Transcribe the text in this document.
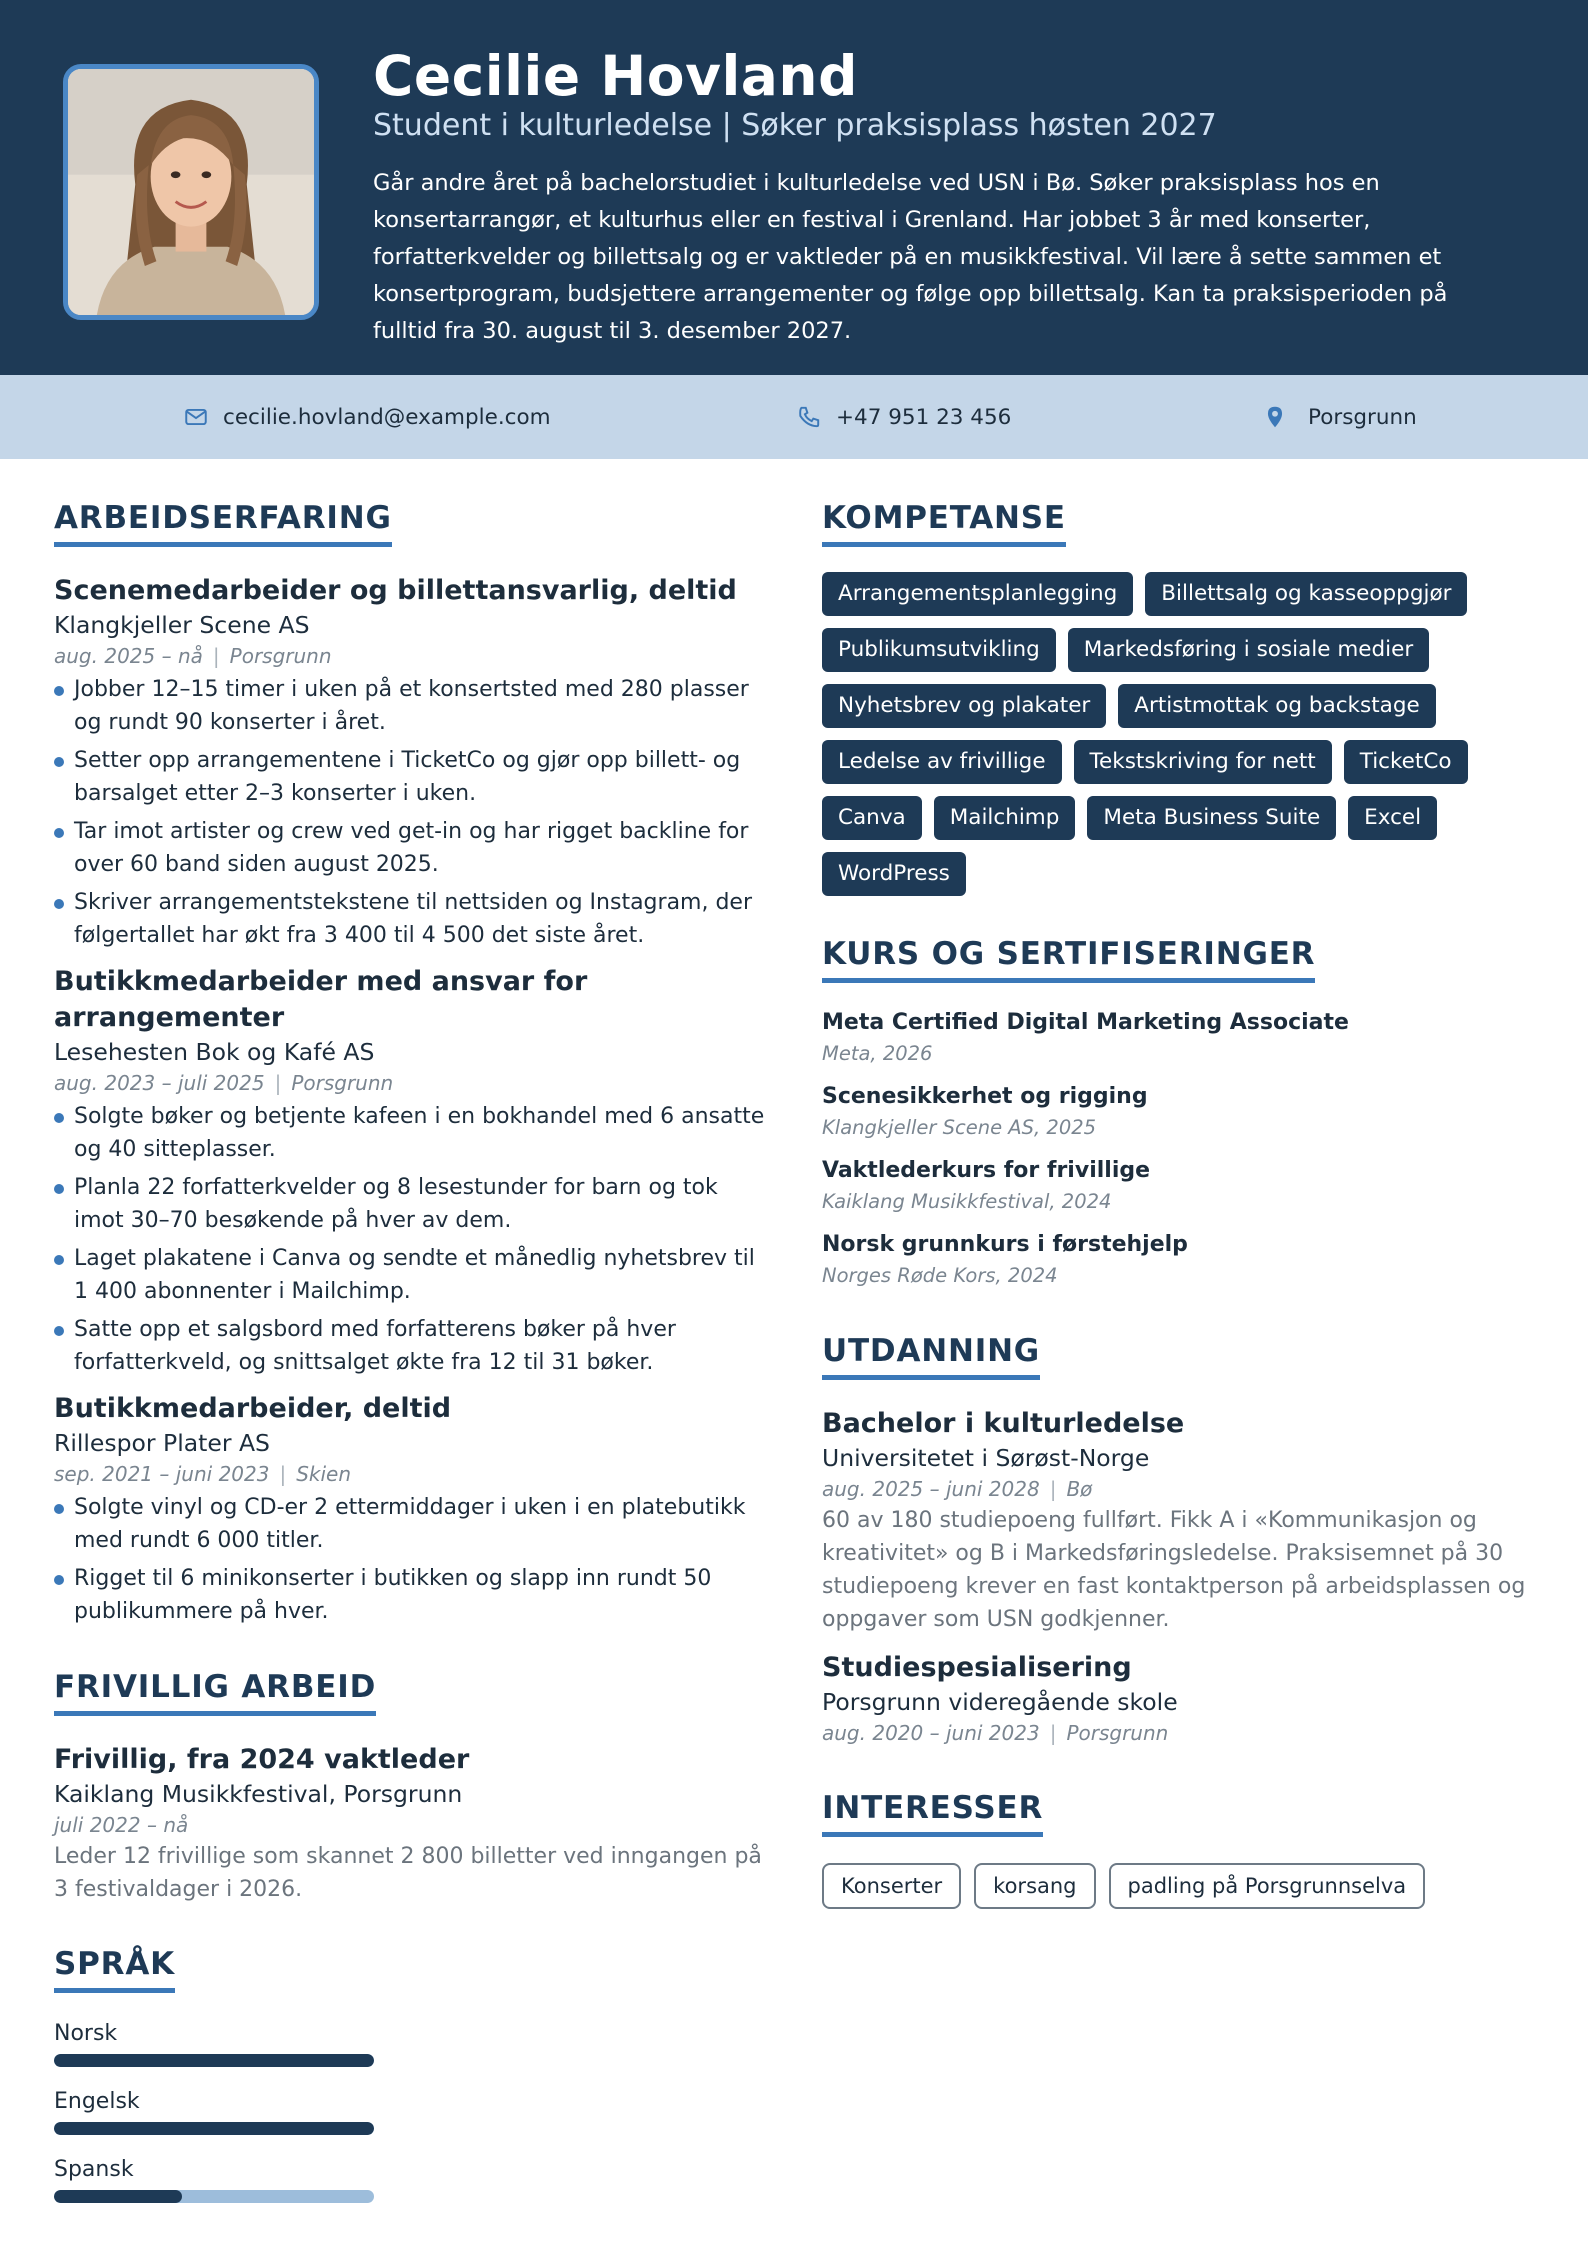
Cecilie Hovland
Student i kulturledelse | Søker praksisplass høsten 2027
Går andre året på bachelorstudiet i kulturledelse ved USN i Bø. Søker praksisplass hos en konsertarrangør, et kulturhus eller en festival i Grenland. Har jobbet 3 år med konserter, forfatterkvelder og billettsalg og er vaktleder på en musikkfestival. Vil lære å sette sammen et konsertprogram, budsjettere arrangementer og følge opp billettsalg. Kan ta praksisperioden på fulltid fra 30. august til 3. desember 2027.
cecilie.hovland@example.com	+47 951 23 456	Porsgrunn
ARBEIDSERFARING
Scenemedarbeider og billettansvarlig, deltid
Klangkjeller Scene AS
aug. 2025 – nå | Porsgrunn
Jobber 12–15 timer i uken på et konsertsted med 280 plasser og rundt 90 konserter i året.
Setter opp arrangementene i TicketCo og gjør opp billett- og barsalget etter 2–3 konserter i uken.
Tar imot artister og crew ved get-in og har rigget backline for over 60 band siden august 2025.
Skriver arrangementstekstene til nettsiden og Instagram, der følgertallet har økt fra 3 400 til 4 500 det siste året.
Butikkmedarbeider med ansvar for arrangementer
Lesehesten Bok og Kafé AS
aug. 2023 – juli 2025 | Porsgrunn
Solgte bøker og betjente kafeen i en bokhandel med 6 ansatte og 40 sitteplasser.
Planla 22 forfatterkvelder og 8 lesestunder for barn og tok imot 30–70 besøkende på hver av dem.
Laget plakatene i Canva og sendte et månedlig nyhetsbrev til 1 400 abonnenter i Mailchimp.
Satte opp et salgsbord med forfatterens bøker på hver forfatterkveld, og snittsalget økte fra 12 til 31 bøker.
Butikkmedarbeider, deltid
Rillespor Plater AS
sep. 2021 – juni 2023 | Skien
Solgte vinyl og CD-er 2 ettermiddager i uken i en platebutikk med rundt 6 000 titler.
Rigget til 6 minikonserter i butikken og slapp inn rundt 50 publikummere på hver.
FRIVILLIG ARBEID
Frivillig, fra 2024 vaktleder
Kaiklang Musikkfestival, Porsgrunn
juli 2022 – nå
Leder 12 frivillige som skannet 2 800 billetter ved inngangen på 3 festivaldager i 2026.
SPRÅK
Norsk
Engelsk
Spansk
KOMPETANSE
Arrangementsplanlegging	Billettsalg og kasseoppgjør
Publikumsutvikling	Markedsføring i sosiale medier
Nyhetsbrev og plakater	Artistmottak og backstage
Ledelse av frivillige	Tekstskriving for nett	TicketCo
Canva	Mailchimp	Meta Business Suite	Excel
WordPress
KURS OG SERTIFISERINGER
Meta Certified Digital Marketing Associate
Meta, 2026
Scenesikkerhet og rigging
Klangkjeller Scene AS, 2025
Vaktlederkurs for frivillige
Kaiklang Musikkfestival, 2024
Norsk grunnkurs i førstehjelp
Norges Røde Kors, 2024
UTDANNING
Bachelor i kulturledelse
Universitetet i Sørøst-Norge
aug. 2025 – juni 2028 | Bø
60 av 180 studiepoeng fullført. Fikk A i «Kommunikasjon og kreativitet» og B i Markedsføringsledelse. Praksisemnet på 30 studiepoeng krever en fast kontaktperson på arbeidsplassen og oppgaver som USN godkjenner.
Studiespesialisering
Porsgrunn videregående skole
aug. 2020 – juni 2023 | Porsgrunn
INTERESSER
Konserter	korsang	padling på Porsgrunnselva
